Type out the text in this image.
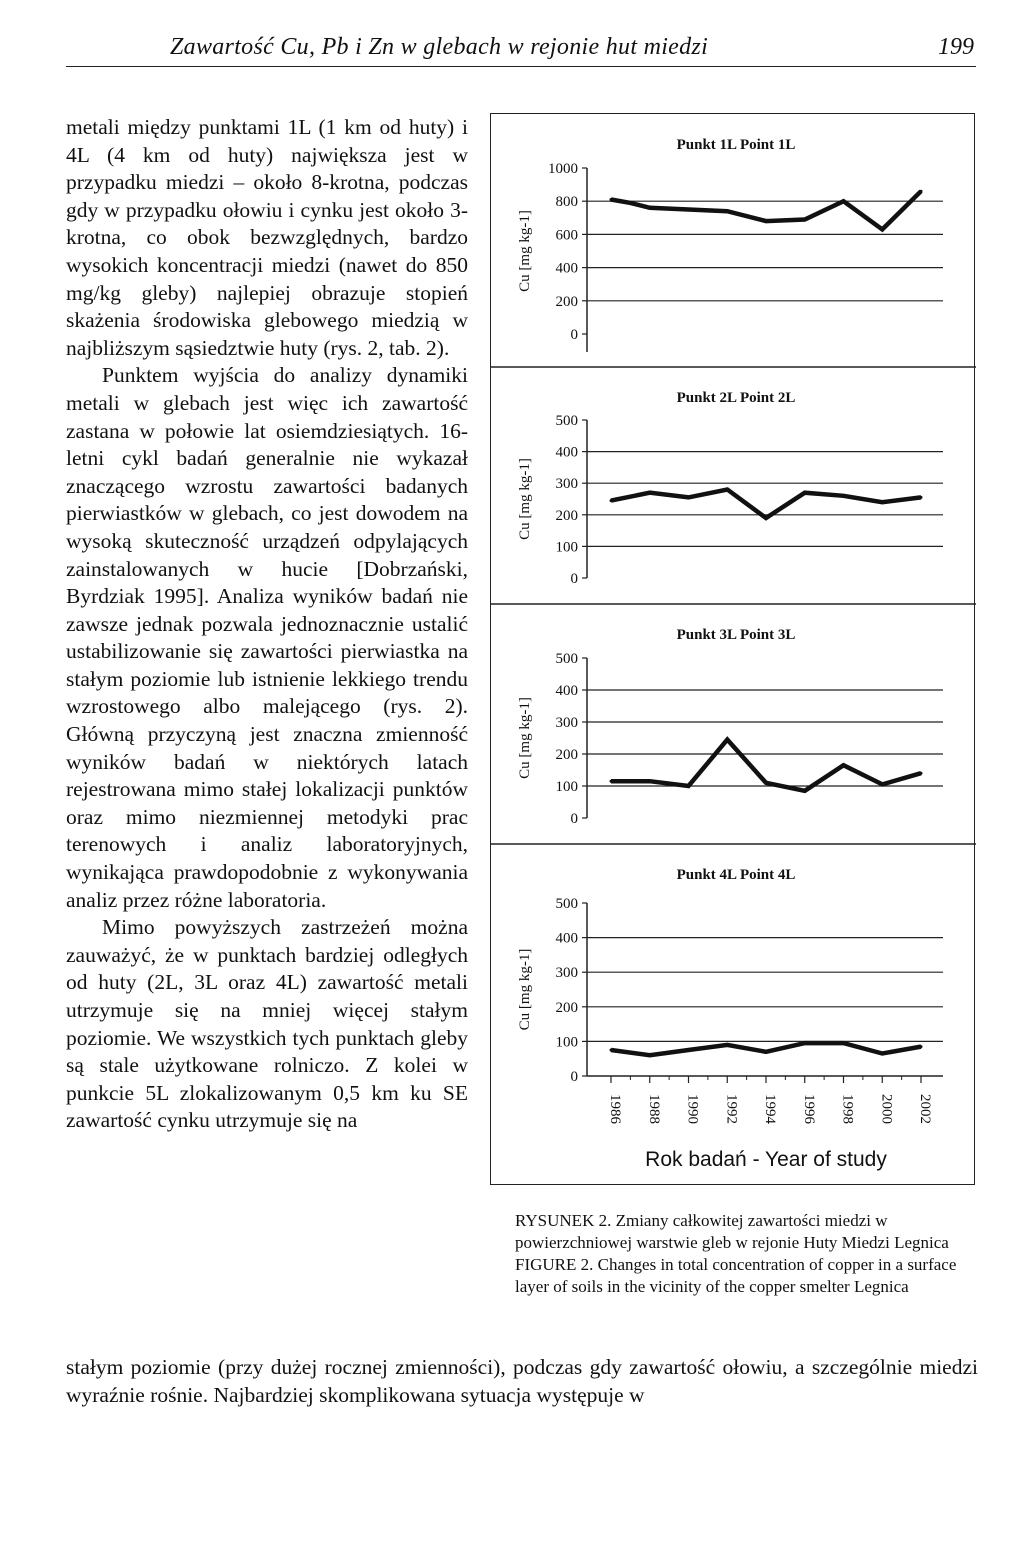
Zawartość Cu, Pb i Zn w glebach w rejonie hut miedzi	199

metali między punktami 1L (1 km od huty) i 4L (4 km od huty) największa jest w przypadku miedzi – około 8-krotna, podczas gdy w przypadku ołowiu i cynku jest około 3-krotna, co obok bezwzględnych, bardzo wysokich koncentracji miedzi (nawet do 850 mg/kg gleby) najlepiej obrazuje stopień skażenia środowiska glebowego miedzią w najbliższym sąsiedztwie huty (rys. 2, tab. 2).

Punktem wyjścia do analizy dynamiki metali w glebach jest więc ich zawartość zastana w połowie lat osiemdziesiątych. 16-letni cykl badań generalnie nie wykazał znaczącego wzrostu zawartości badanych pierwiastków w glebach, co jest dowodem na wysoką skuteczność urządzeń odpylających zainstalowanych w hucie [Dobrzański, Byrdziak 1995]. Analiza wyników badań nie zawsze jednak pozwala jednoznacznie ustalić ustabilizowanie się zawartości pierwiastka na stałym poziomie lub istnienie lekkiego trendu wzrostowego albo malejącego (rys. 2). Główną przyczyną jest znaczna zmienność wyników badań w niektórych latach rejestrowana mimo stałej lokalizacji punktów oraz mimo niezmiennej metodyki prac terenowych i analiz laboratoryjnych, wynikająca prawdopodobnie z wykonywania analiz przez różne laboratoria.

Mimo powyższych zastrzeżeń można zauważyć, że w punktach bardziej odległych od huty (2L, 3L oraz 4L) zawartość metali utrzymuje się na mniej więcej stałym poziomie. We wszystkich tych punktach gleby są stale użytkowane rolniczo. Z kolei w punkcie 5L zlokalizowanym 0,5 km ku SE zawartość cynku utrzymuje się na

Punkt 1L Point 1L
0
200
400
600
800
1000
Cu [mg kg-1]
Punkt 2L Point 2L
0
100
200
300
400
500
Cu [mg kg-1]
Punkt 3L Point 3L
0
100
200
300
400
500
Cu [mg kg-1]
Punkt 4L Point 4L
0
100
200
300
400
500
Cu [mg kg-1]
1986 1988 1990 1992 1994 1996 1998 2000 2002
Rok badań - Year of study

RYSUNEK 2. Zmiany całkowitej zawartości miedzi w powierzchniowej warstwie gleb w rejonie Huty Miedzi Legnica

FIGURE 2. Changes in total concentration of copper in a surface layer of soils in the vicinity of the copper smelter Legnica

stałym poziomie (przy dużej rocznej zmienności), podczas gdy zawartość ołowiu, a szczególnie miedzi wyraźnie rośnie. Najbardziej skomplikowana sytuacja występuje w
